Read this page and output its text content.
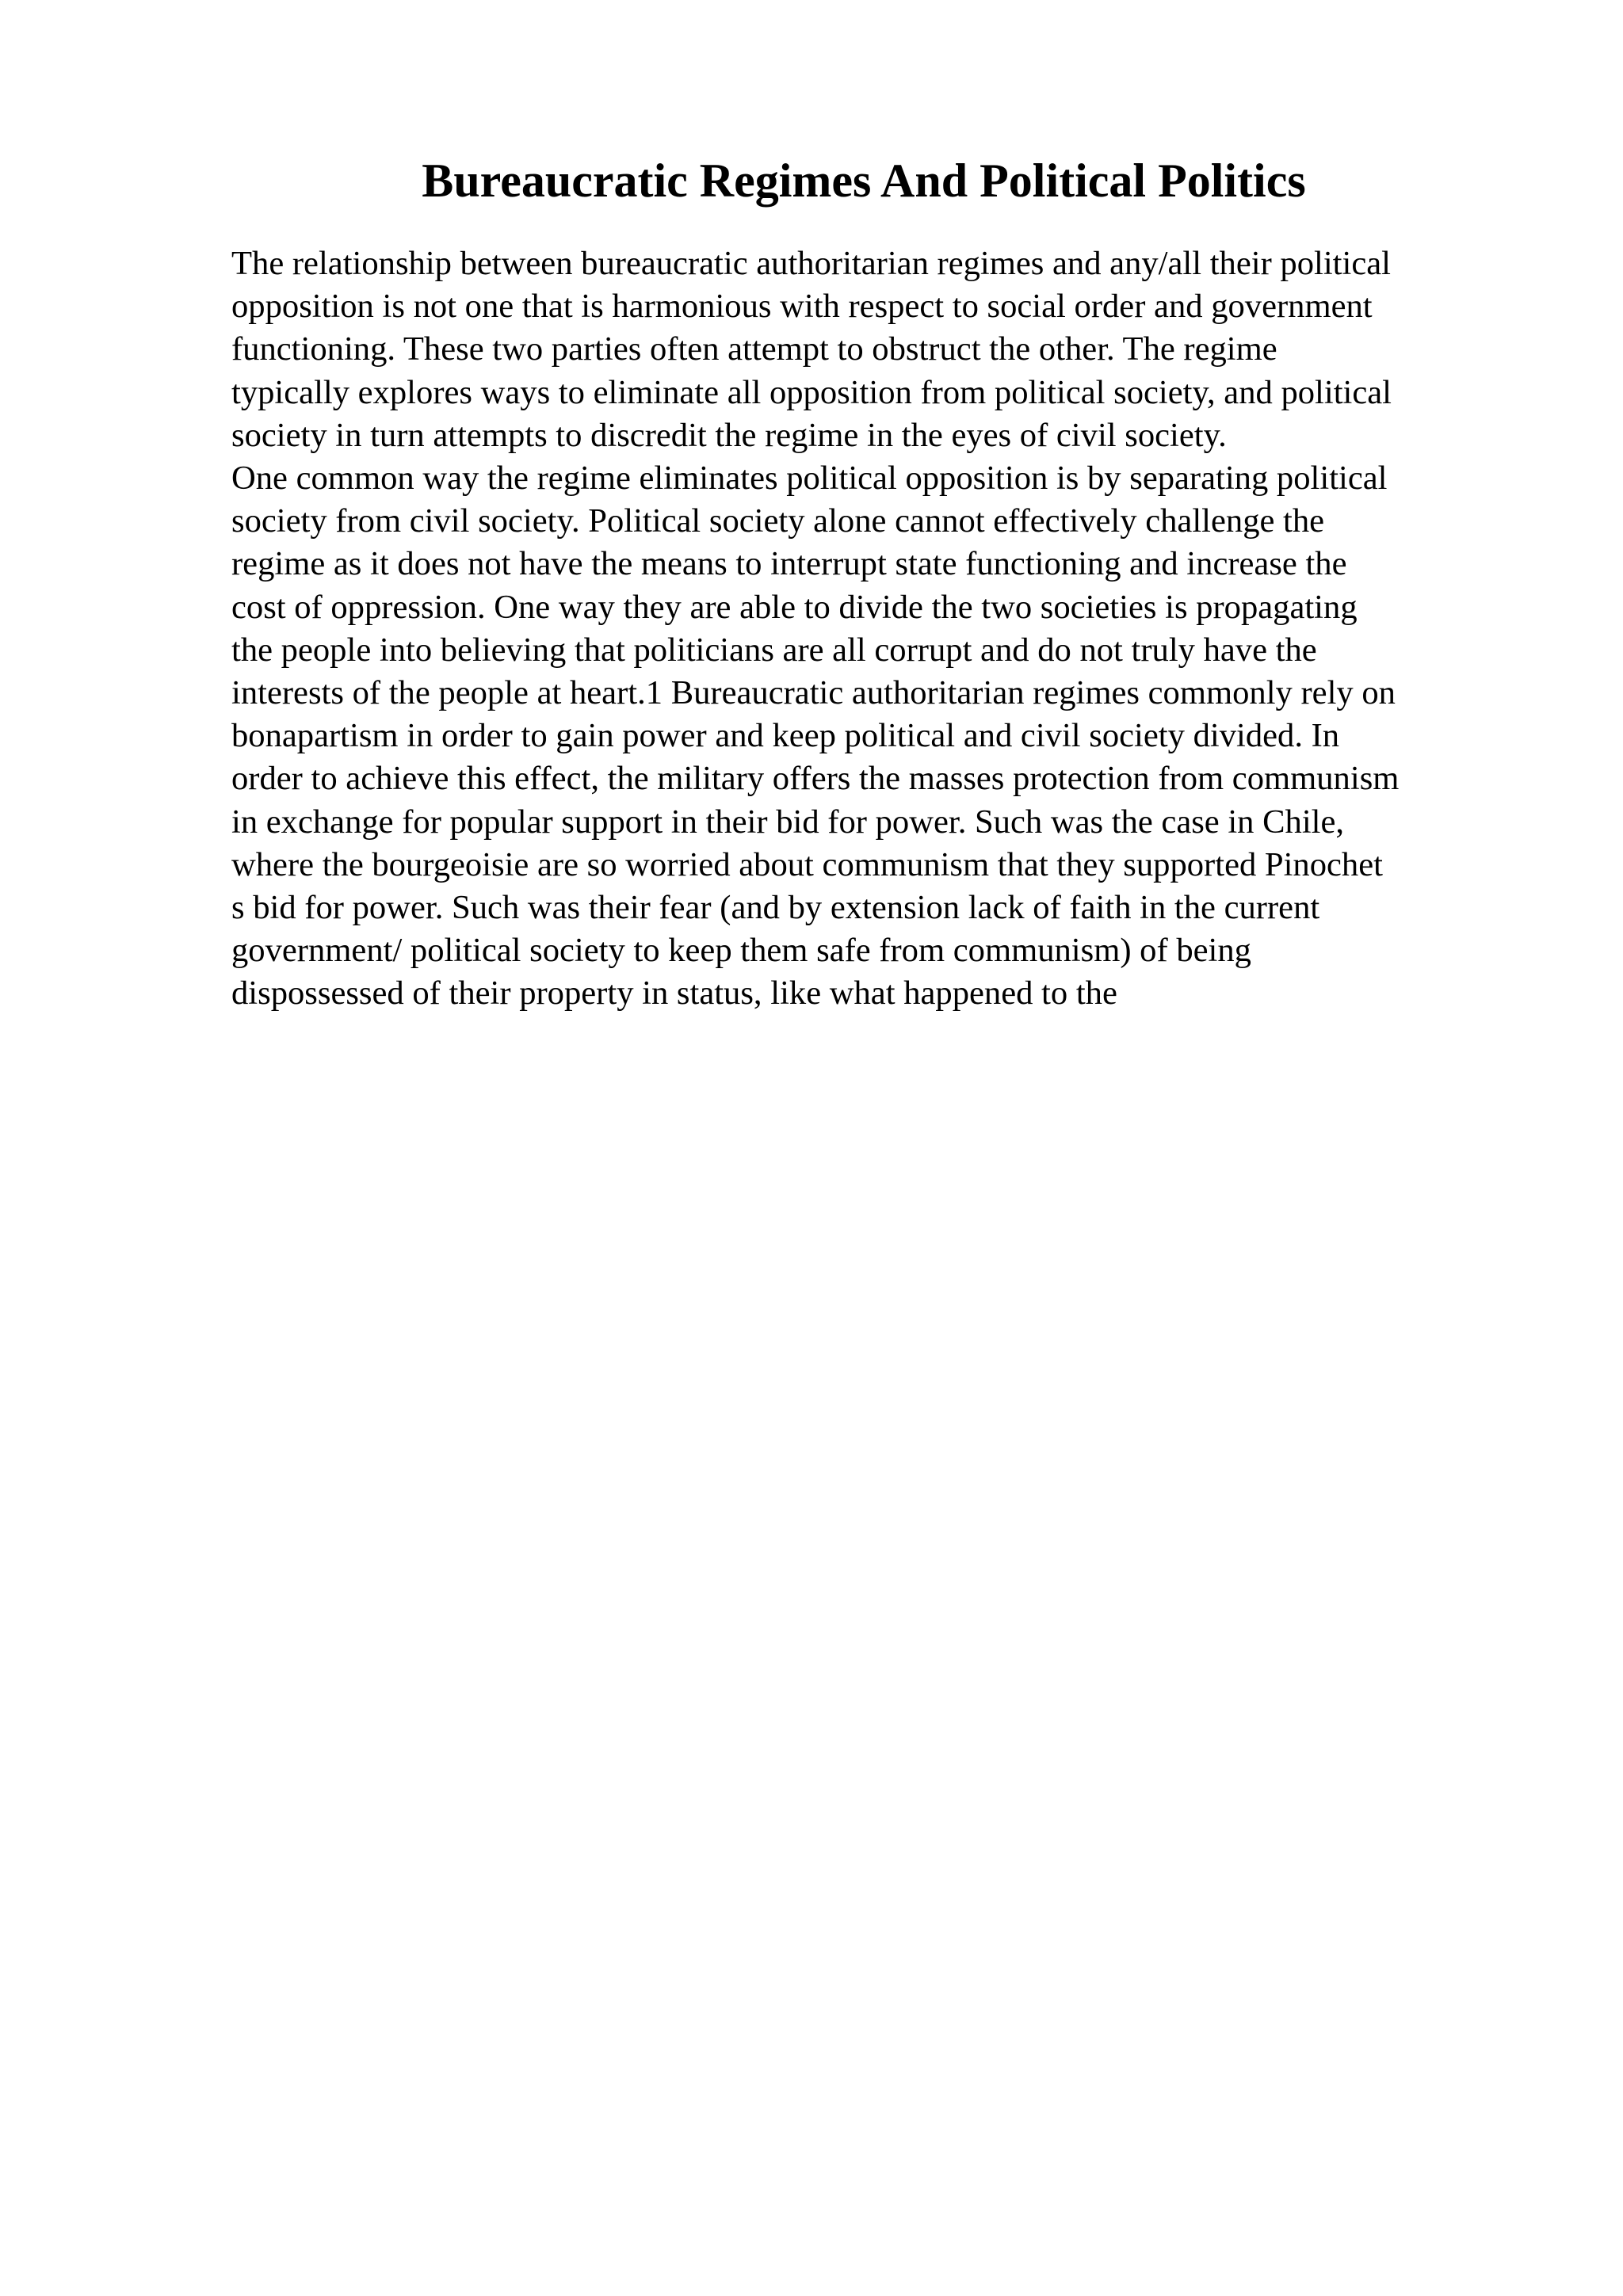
Bureaucratic Regimes And Political Politics
The relationship between bureaucratic authoritarian regimes and any/all their political
opposition is not one that is harmonious with respect to social order and government
functioning. These two parties often attempt to obstruct the other. The regime
typically explores ways to eliminate all opposition from political society, and political
society in turn attempts to discredit the regime in the eyes of civil society.
One common way the regime eliminates political opposition is by separating political
society from civil society. Political society alone cannot effectively challenge the
regime as it does not have the means to interrupt state functioning and increase the
cost of oppression. One way they are able to divide the two societies is propagating
the people into believing that politicians are all corrupt and do not truly have the
interests of the people at heart.1 Bureaucratic authoritarian regimes commonly rely on
bonapartism in order to gain power and keep political and civil society divided. In
order to achieve this effect, the military offers the masses protection from communism
in exchange for popular support in their bid for power. Such was the case in Chile,
where the bourgeoisie are so worried about communism that they supported Pinochet
s bid for power. Such was their fear (and by extension lack of faith in the current
government/ political society to keep them safe from communism) of being
dispossessed of their property in status, like what happened to the
